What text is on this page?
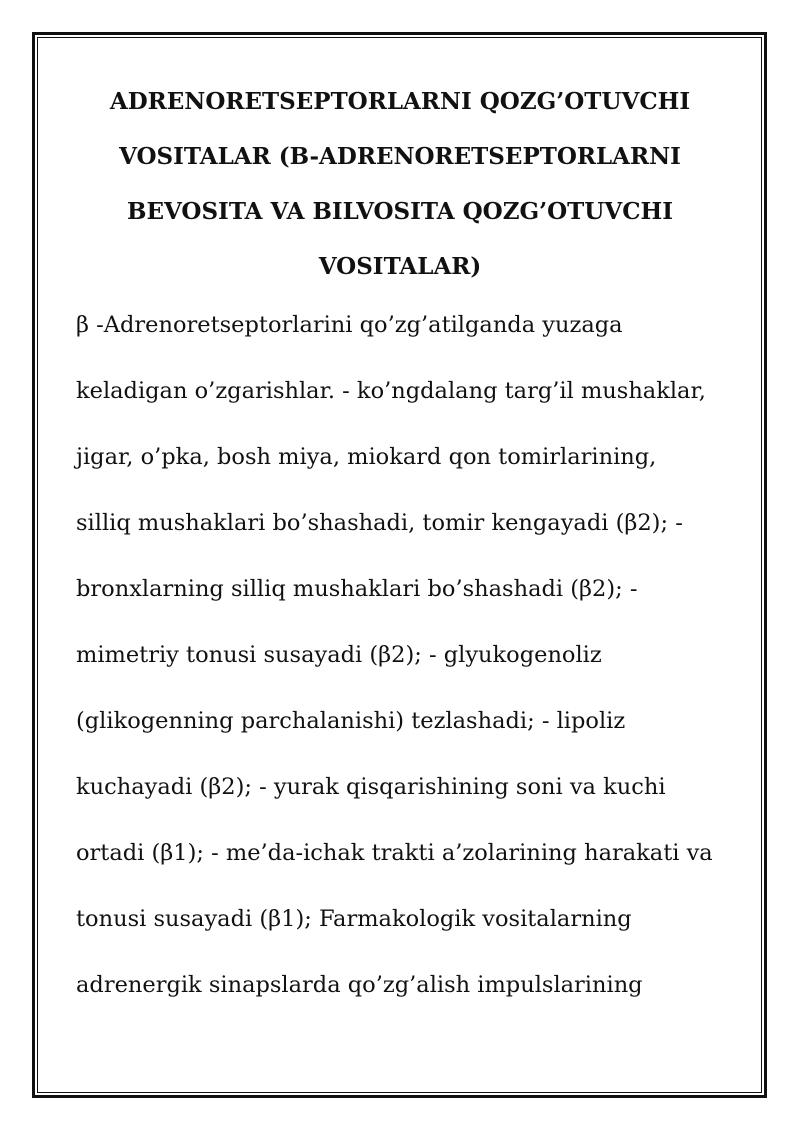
ADRENORETSEPTORLARNI QOZG’OTUVCHI
VOSITALAR (B-ADRENORETSEPTORLARNI
BEVOSITA VA BILVOSITA QOZG’OTUVCHI
VOSITALAR)

β -Adrenoretseptorlarini qo’zg’atilganda yuzaga
keladigan o’zgarishlar. - ko’ngdalang targ’il mushaklar,
jigar, o’pka, bosh miya, miokard qon tomirlarining,
silliq mushaklari bo’shashadi, tomir kengayadi (β2); -
bronxlarning silliq mushaklari bo’shashadi (β2); -
mimetriy tonusi susayadi (β2); - glyukogenoliz
(glikogenning parchalanishi) tezlashadi; - lipoliz
kuchayadi (β2); - yurak qisqarishining soni va kuchi
ortadi (β1); - me’da-ichak trakti a’zolarining harakati va
tonusi susayadi (β1); Farmakologik vositalarning
adrenergik sinapslarda qo’zg’alish impulslarining
